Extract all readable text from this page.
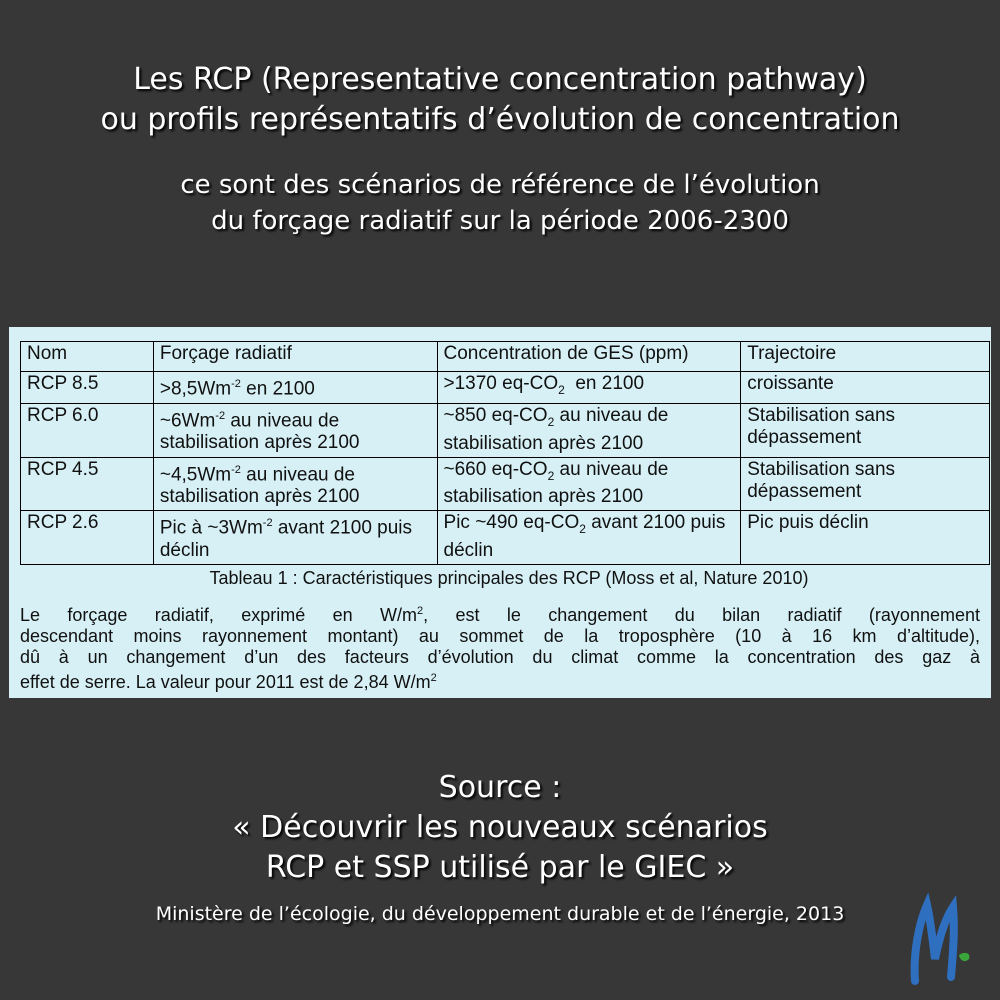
Les RCP (Representative concentration pathway)
ou profils représentatifs d’évolution de concentration
ce sont des scénarios de référence de l’évolution
du forçage radiatif sur la période 2006-2300
Nom	Forçage radiatif	Concentration de GES (ppm)	Trajectoire
RCP 8.5	$>8,5Wm^{-2}$ en 2100	>1370 $eq-CO_2$  en 2100	croissante
RCP 6.0	$\sim 6Wm^{-2}$ au niveau de stabilisation après 2100	~850 $eq-CO_2$ au niveau de stabilisation après 2100	Stabilisation sans dépassement
RCP 4.5	$\sim 4,5Wm^{-2}$ au niveau de stabilisation après 2100	~660 $eq-CO_2$ au niveau de stabilisation après 2100	Stabilisation sans dépassement
RCP 2.6	Pic à $\sim 3Wm^{-2}$ avant 2100 puis déclin	Pic ~490 $eq-CO_2$ avant 2100 puis déclin	Pic puis déclin
Tableau 1 : Caractéristiques principales des RCP (Moss et al, Nature 2010)
Le forçage radiatif, exprimé en $W/m^2$, est le changement du bilan radiatif (rayonnement
descendant moins rayonnement montant) au sommet de la troposphère (10 à 16 km d’altitude),
dû à un changement d’un des facteurs d’évolution du climat comme la concentration des gaz à
effet de serre. La valeur pour 2011 est de 2,84 $W/m^2$
Source :
« Découvrir les nouveaux scénarios
RCP et SSP utilisé par le GIEC »
Ministère de l’écologie, du développement durable et de l’énergie, 2013
